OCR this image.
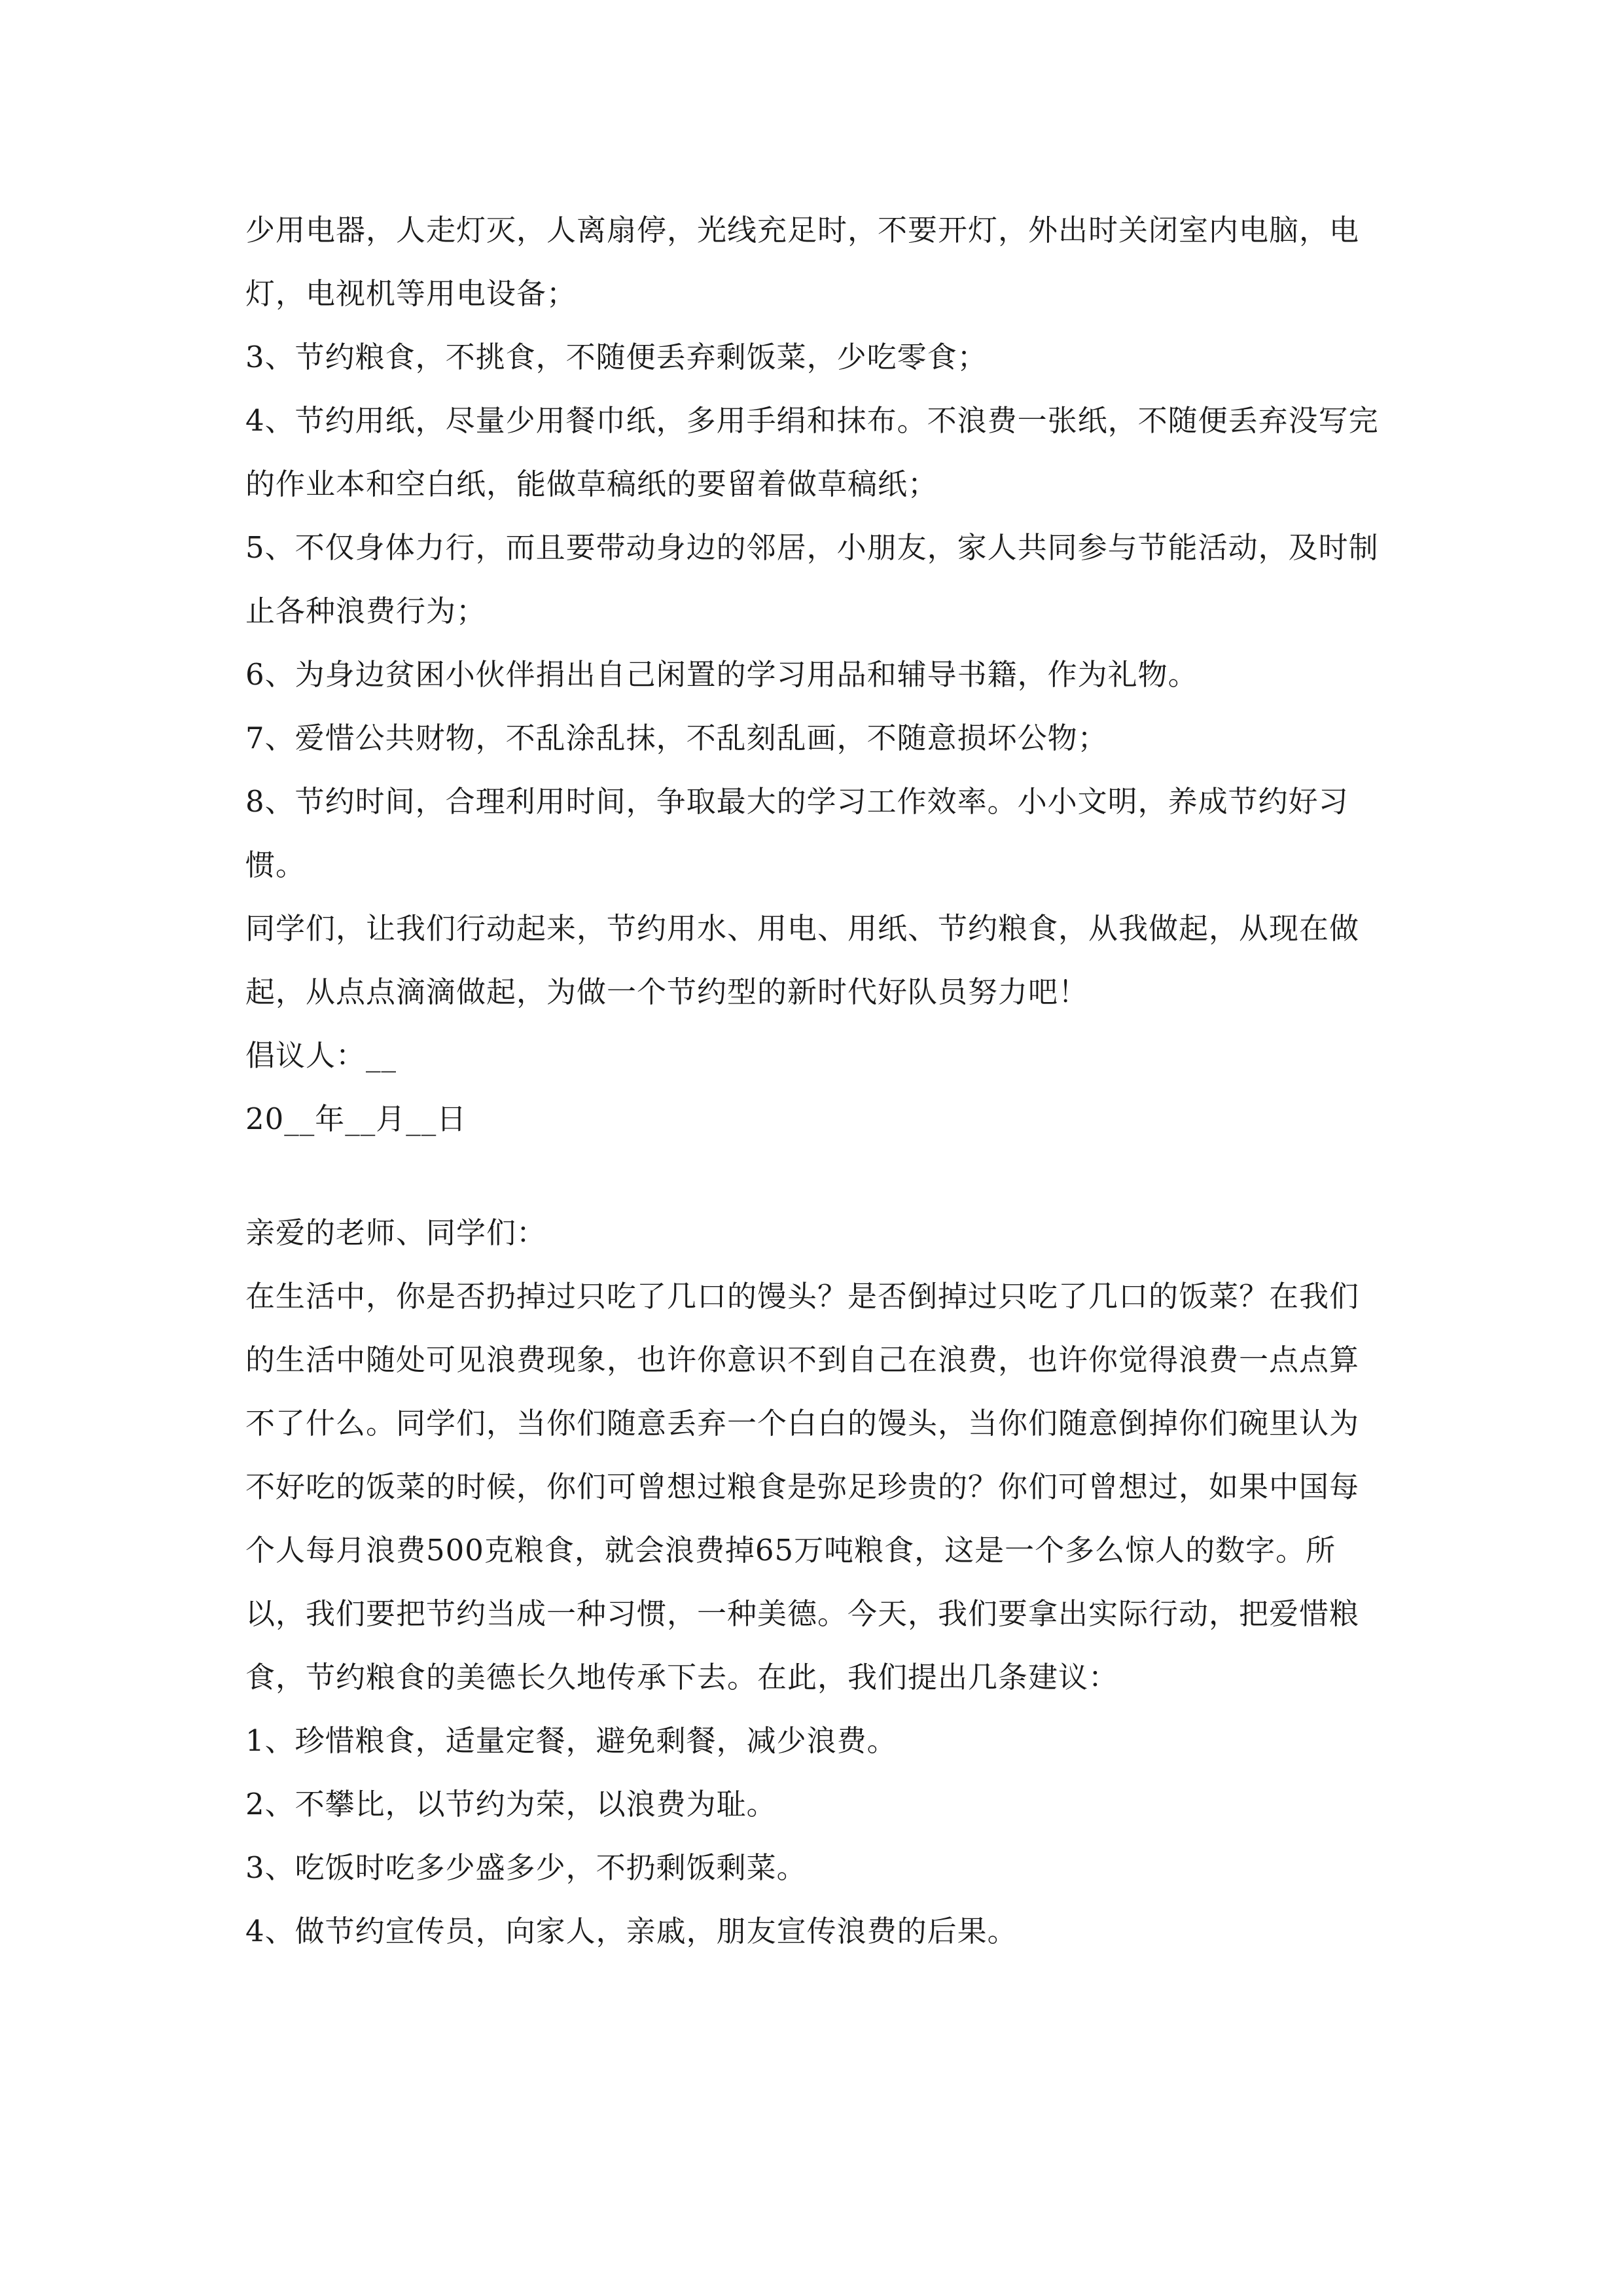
少用电器，人走灯灭，人离扇停，光线充足时，不要开灯，外出时关闭室内电脑，电灯，电视机等用电设备；

3、节约粮食，不挑食，不随便丢弃剩饭菜，少吃零食；

4、节约用纸，尽量少用餐巾纸，多用手绢和抹布。不浪费一张纸，不随便丢弃没写完的作业本和空白纸，能做草稿纸的要留着做草稿纸；

5、不仅身体力行，而且要带动身边的邻居，小朋友，家人共同参与节能活动，及时制止各种浪费行为；

6、为身边贫困小伙伴捐出自己闲置的学习用品和辅导书籍，作为礼物。

7、爱惜公共财物，不乱涂乱抹，不乱刻乱画，不随意损坏公物；

8、节约时间，合理利用时间，争取最大的学习工作效率。小小文明，养成节约好习惯。

同学们，让我们行动起来，节约用水、用电、用纸、节约粮食，从我做起，从现在做起，从点点滴滴做起，为做一个节约型的新时代好队员努力吧！

倡议人：__

20__年__月__日

亲爱的老师、同学们：

在生活中，你是否扔掉过只吃了几口的馒头？是否倒掉过只吃了几口的饭菜？在我们的生活中随处可见浪费现象，也许你意识不到自己在浪费，也许你觉得浪费一点点算不了什么。同学们，当你们随意丢弃一个白白的馒头，当你们随意倒掉你们碗里认为不好吃的饭菜的时候，你们可曾想过粮食是弥足珍贵的？你们可曾想过，如果中国每个人每月浪费500克粮食，就会浪费掉65万吨粮食，这是一个多么惊人的数字。所以，我们要把节约当成一种习惯，一种美德。今天，我们要拿出实际行动，把爱惜粮食，节约粮食的美德长久地传承下去。在此，我们提出几条建议：

1、珍惜粮食，适量定餐，避免剩餐，减少浪费。

2、不攀比，以节约为荣，以浪费为耻。

3、吃饭时吃多少盛多少，不扔剩饭剩菜。

4、做节约宣传员，向家人，亲戚，朋友宣传浪费的后果。
